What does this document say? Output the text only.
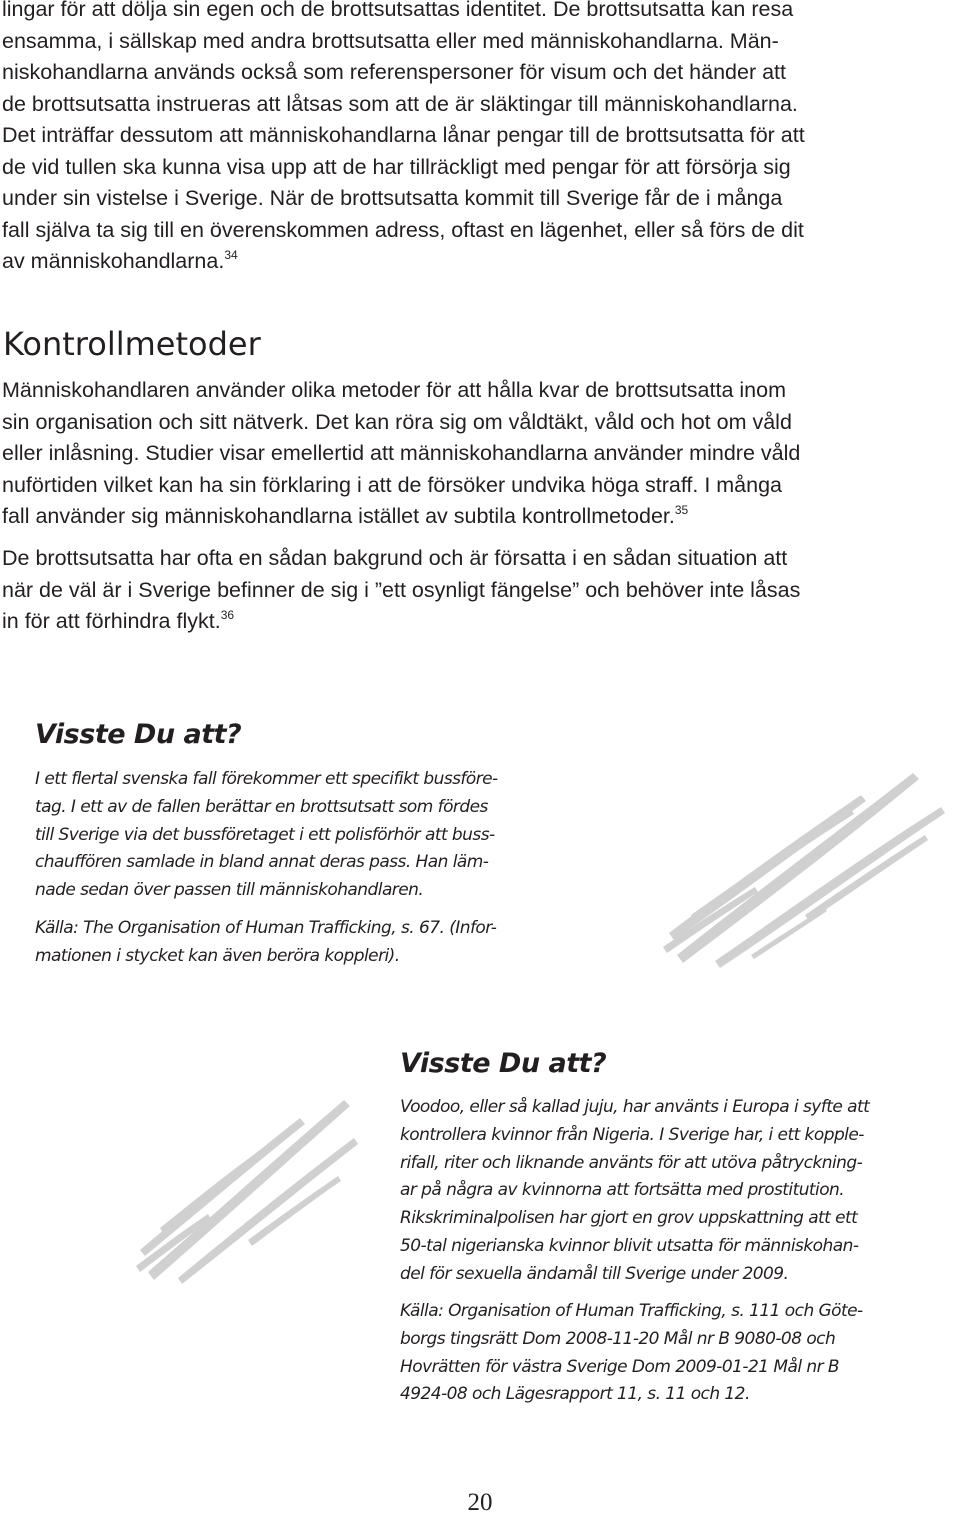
lingar för att dölja sin egen och de brottsutsattas identitet. De brottsutsatta kan resa
ensamma, i sällskap med andra brottsutsatta eller med människohandlarna. Män-
niskohandlarna används också som referenspersoner för visum och det händer att
de brottsutsatta instrueras att låtsas som att de är släktingar till människohandlarna.
Det inträffar dessutom att människohandlarna lånar pengar till de brottsutsatta för att
de vid tullen ska kunna visa upp att de har tillräckligt med pengar för att försörja sig
under sin vistelse i Sverige. När de brottsutsatta kommit till Sverige får de i många
fall själva ta sig till en överenskommen adress, oftast en lägenhet, eller så förs de dit
av människohandlarna.$^{34}$

Kontrollmetoder

Människohandlaren använder olika metoder för att hålla kvar de brottsutsatta inom
sin organisation och sitt nätverk. Det kan röra sig om våldtäkt, våld och hot om våld
eller inlåsning. Studier visar emellertid att människohandlarna använder mindre våld
nuförtiden vilket kan ha sin förklaring i att de försöker undvika höga straff. I många
fall använder sig människohandlarna istället av subtila kontrollmetoder.$^{35}$

De brottsutsatta har ofta en sådan bakgrund och är försatta i en sådan situation att
när de väl är i Sverige befinner de sig i ”ett osynligt fängelse” och behöver inte låsas
in för att förhindra flykt.$^{36}$

Visste Du att?

I ett flertal svenska fall förekommer ett specifikt bussföre-
tag. I ett av de fallen berättar en brottsutsatt som fördes
till Sverige via det bussföretaget i ett polisförhör att buss-
chauffören samlade in bland annat deras pass. Han läm-
nade sedan över passen till människohandlaren.

Källa: The Organisation of Human Trafficking, s. 67. (Infor-
mationen i stycket kan även beröra koppleri).

Visste Du att?

Voodoo, eller så kallad juju, har använts i Europa i syfte att
kontrollera kvinnor från Nigeria. I Sverige har, i ett kopple-
rifall, riter och liknande använts för att utöva påtryckning-
ar på några av kvinnorna att fortsätta med prostitution.
Rikskriminalpolisen har gjort en grov uppskattning att ett
50-tal nigerianska kvinnor blivit utsatta för människohan-
del för sexuella ändamål till Sverige under 2009.

Källa: Organisation of Human Trafficking, s. 111 och Göte-
borgs tingsrätt Dom 2008-11-20 Mål nr B 9080-08 och
Hovrätten för västra Sverige Dom 2009-01-21 Mål nr B
4924-08 och Lägesrapport 11, s. 11 och 12.

20
